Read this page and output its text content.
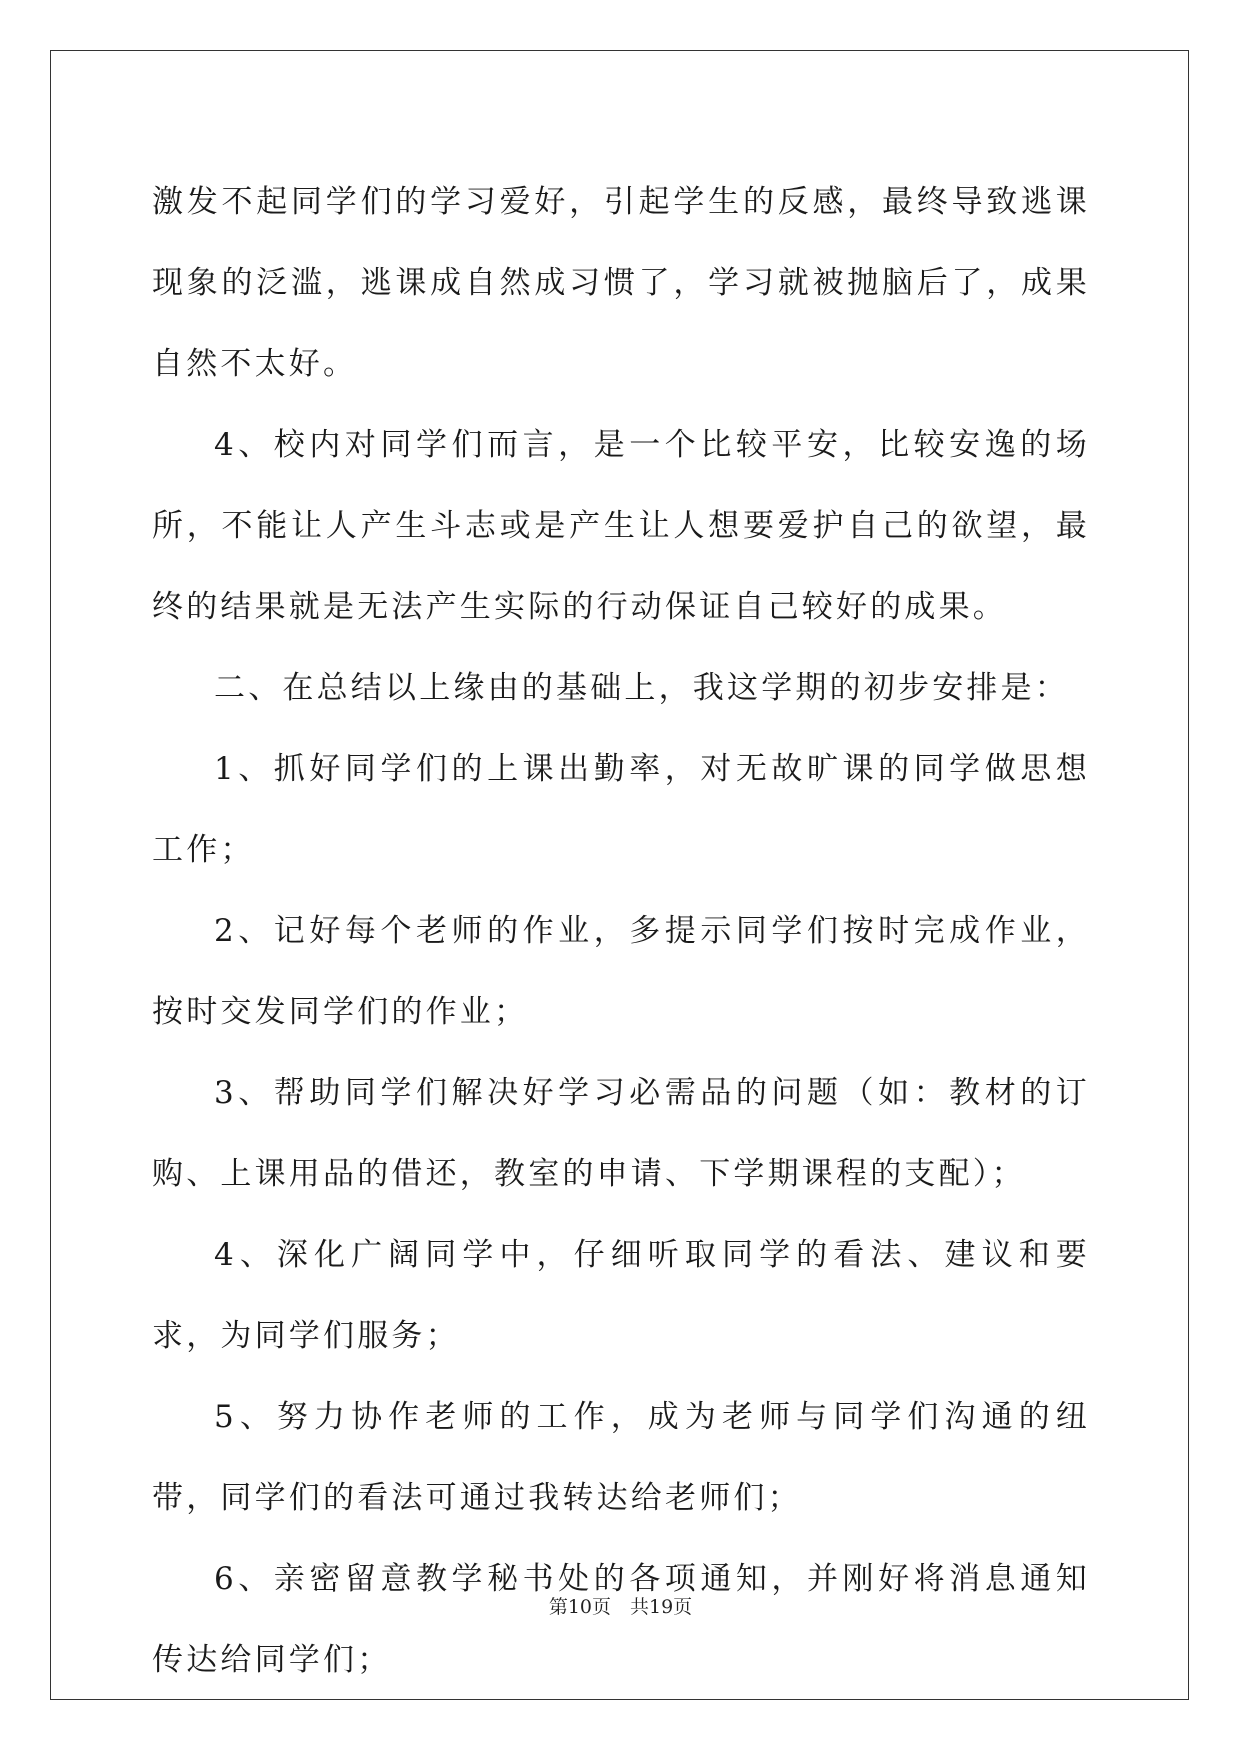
激发不起同学们的学习爱好，引起学生的反感，最终导致逃课现象的泛滥，逃课成自然成习惯了，学习就被抛脑后了，成果自然不太好。

4、校内对同学们而言，是一个比较平安，比较安逸的场所，不能让人产生斗志或是产生让人想要爱护自己的欲望，最终的结果就是无法产生实际的行动保证自己较好的成果。

二、在总结以上缘由的基础上，我这学期的初步安排是：

1、抓好同学们的上课出勤率，对无故旷课的同学做思想工作；

2、记好每个老师的作业，多提示同学们按时完成作业，按时交发同学们的作业；

3、帮助同学们解决好学习必需品的问题（如：教材的订购、上课用品的借还，教室的申请、下学期课程的支配）；

4、深化广阔同学中，仔细听取同学的看法、建议和要求，为同学们服务；

5、努力协作老师的工作，成为老师与同学们沟通的纽带，同学们的看法可通过我转达给老师们；

6、亲密留意教学秘书处的各项通知，并刚好将消息通知传达给同学们；

第10页　共19页
